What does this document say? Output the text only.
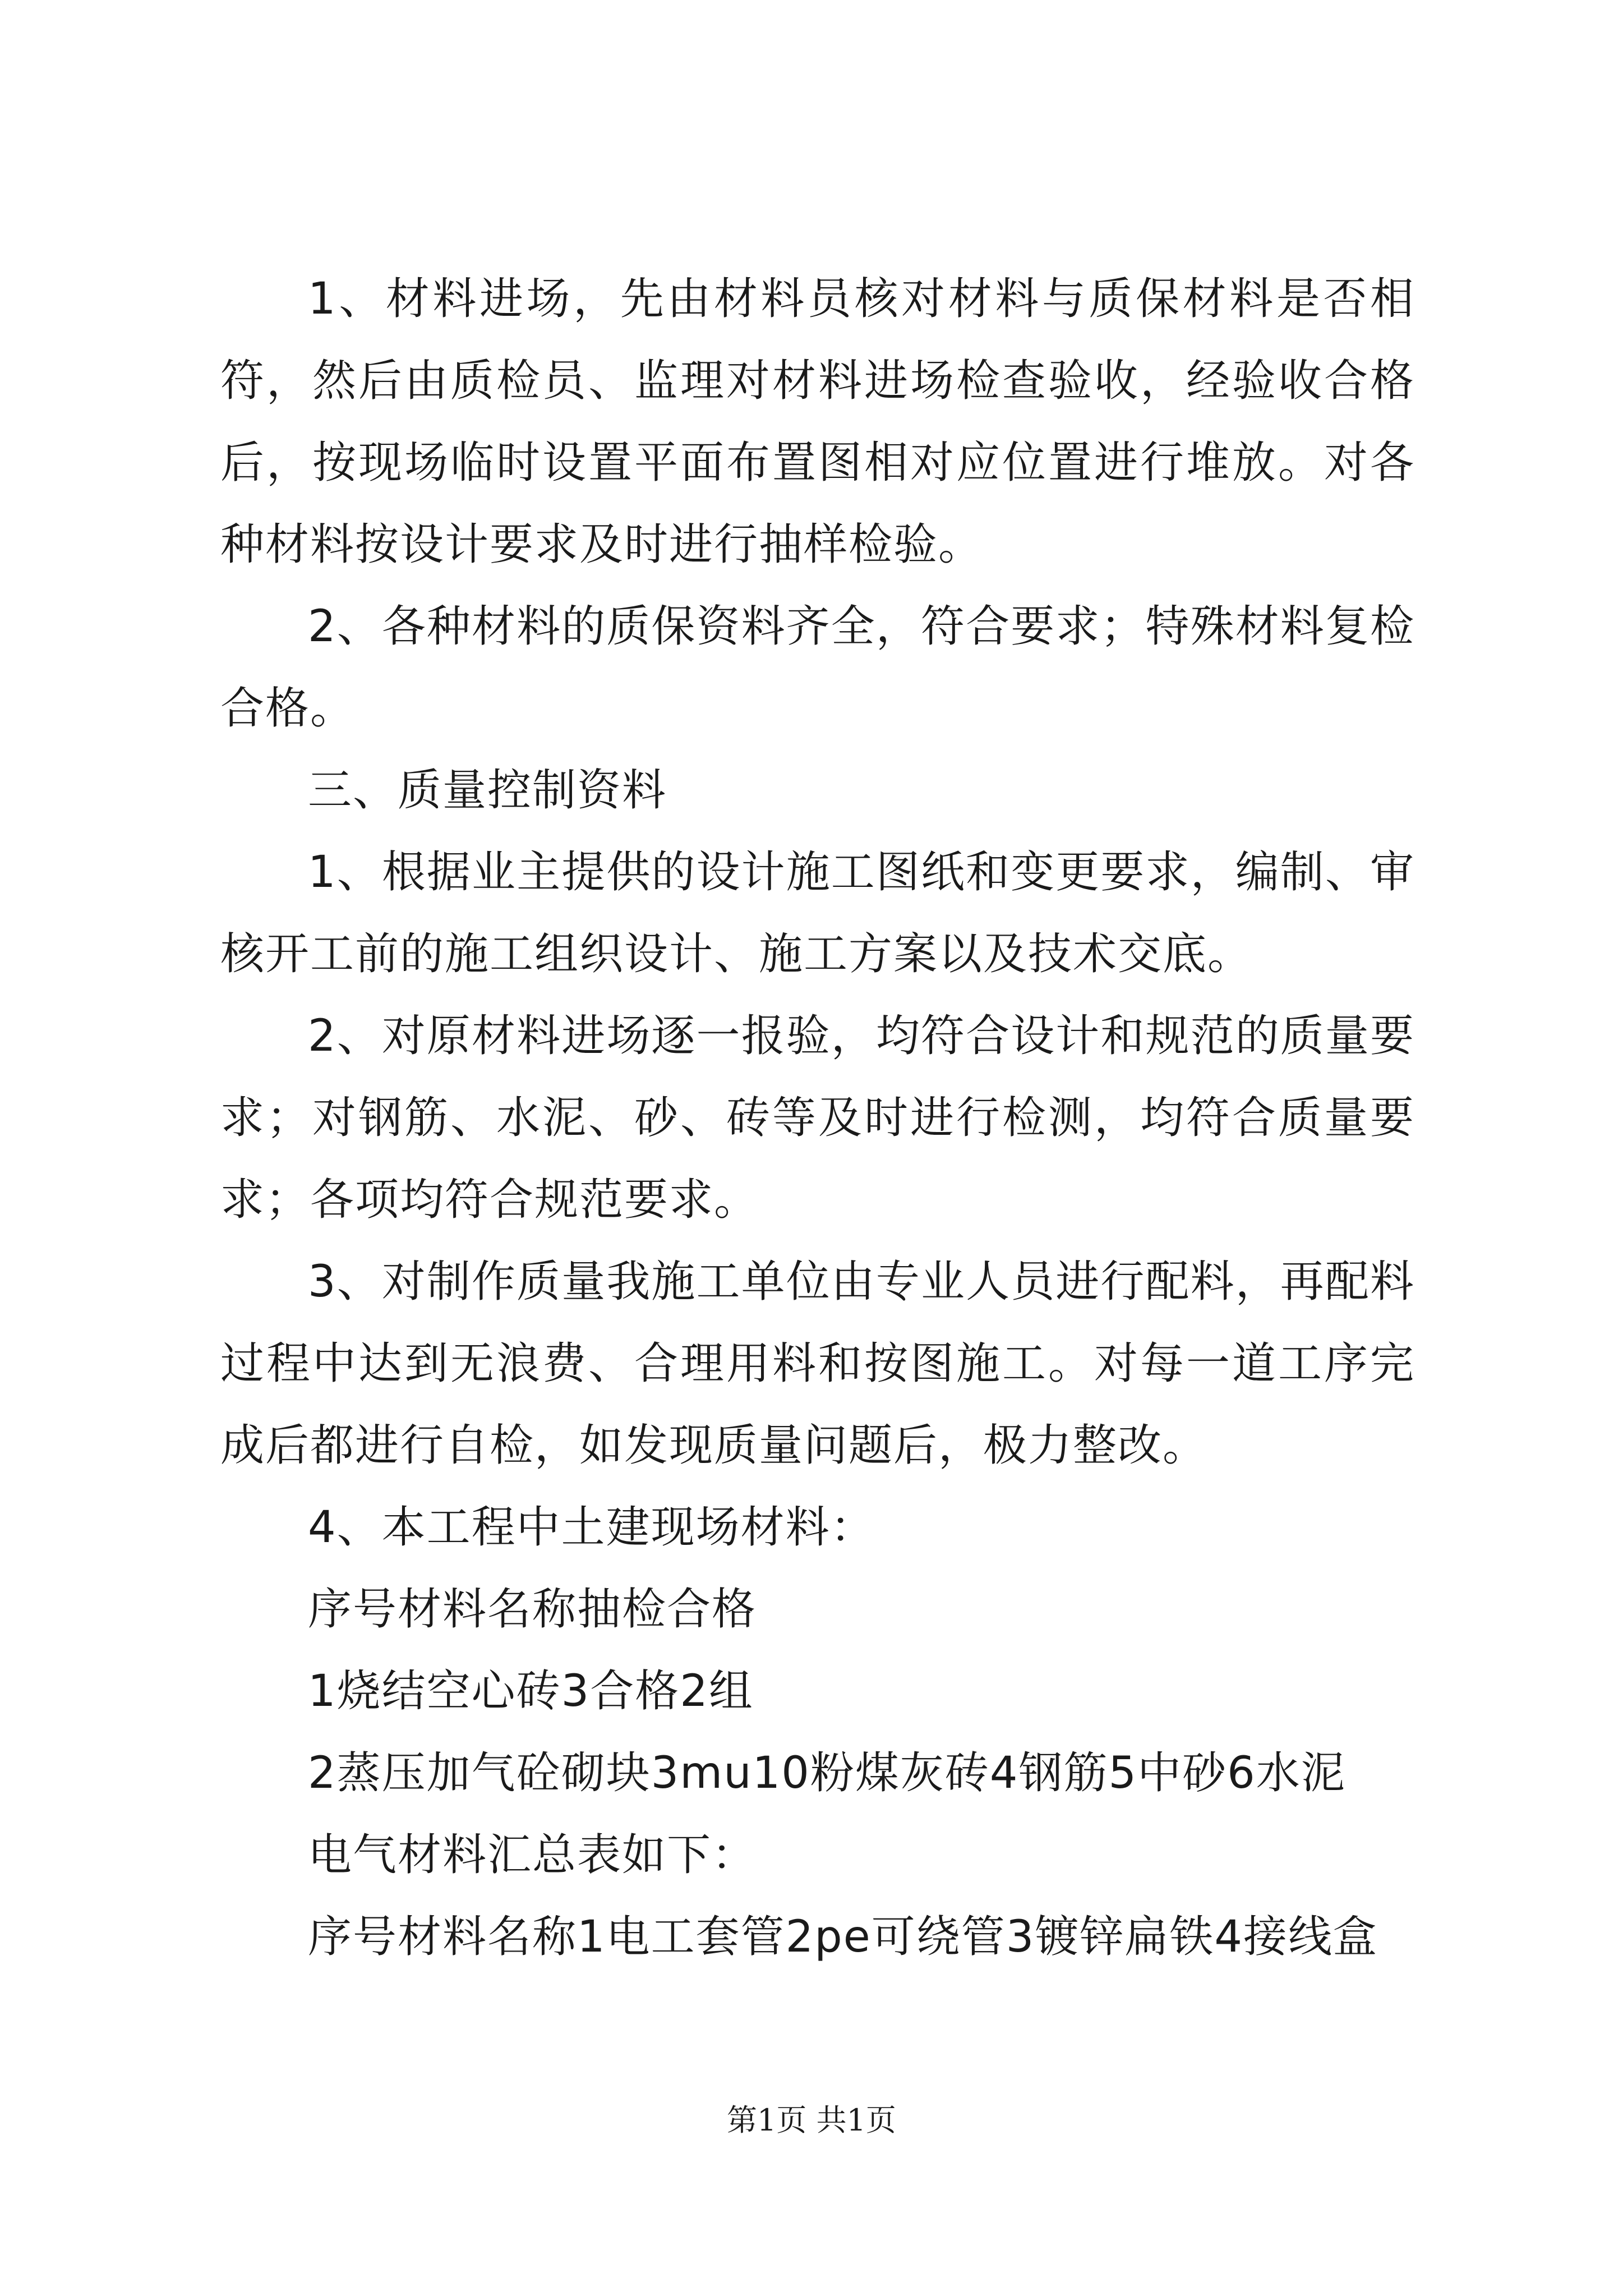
1、材料进场，先由材料员核对材料与质保材料是否相符，然后由质检员、监理对材料进场检查验收，经验收合格后，按现场临时设置平面布置图相对应位置进行堆放。对各种材料按设计要求及时进行抽样检验。

2、各种材料的质保资料齐全，符合要求；特殊材料复检合格。

三、质量控制资料

1、根据业主提供的设计施工图纸和变更要求，编制、审核开工前的施工组织设计、施工方案以及技术交底。

2、对原材料进场逐一报验，均符合设计和规范的质量要求；对钢筋、水泥、砂、砖等及时进行检测，均符合质量要求；各项均符合规范要求。

3、对制作质量我施工单位由专业人员进行配料，再配料过程中达到无浪费、合理用料和按图施工。对每一道工序完成后都进行自检，如发现质量问题后，极力整改。

4、本工程中土建现场材料：

序号材料名称抽检合格

1烧结空心砖3合格2组

2蒸压加气砼砌块3mu10粉煤灰砖4钢筋5中砂6水泥

电气材料汇总表如下：

序号材料名称1电工套管2pe可绕管3镀锌扁铁4接线盒

第1页 共1页
